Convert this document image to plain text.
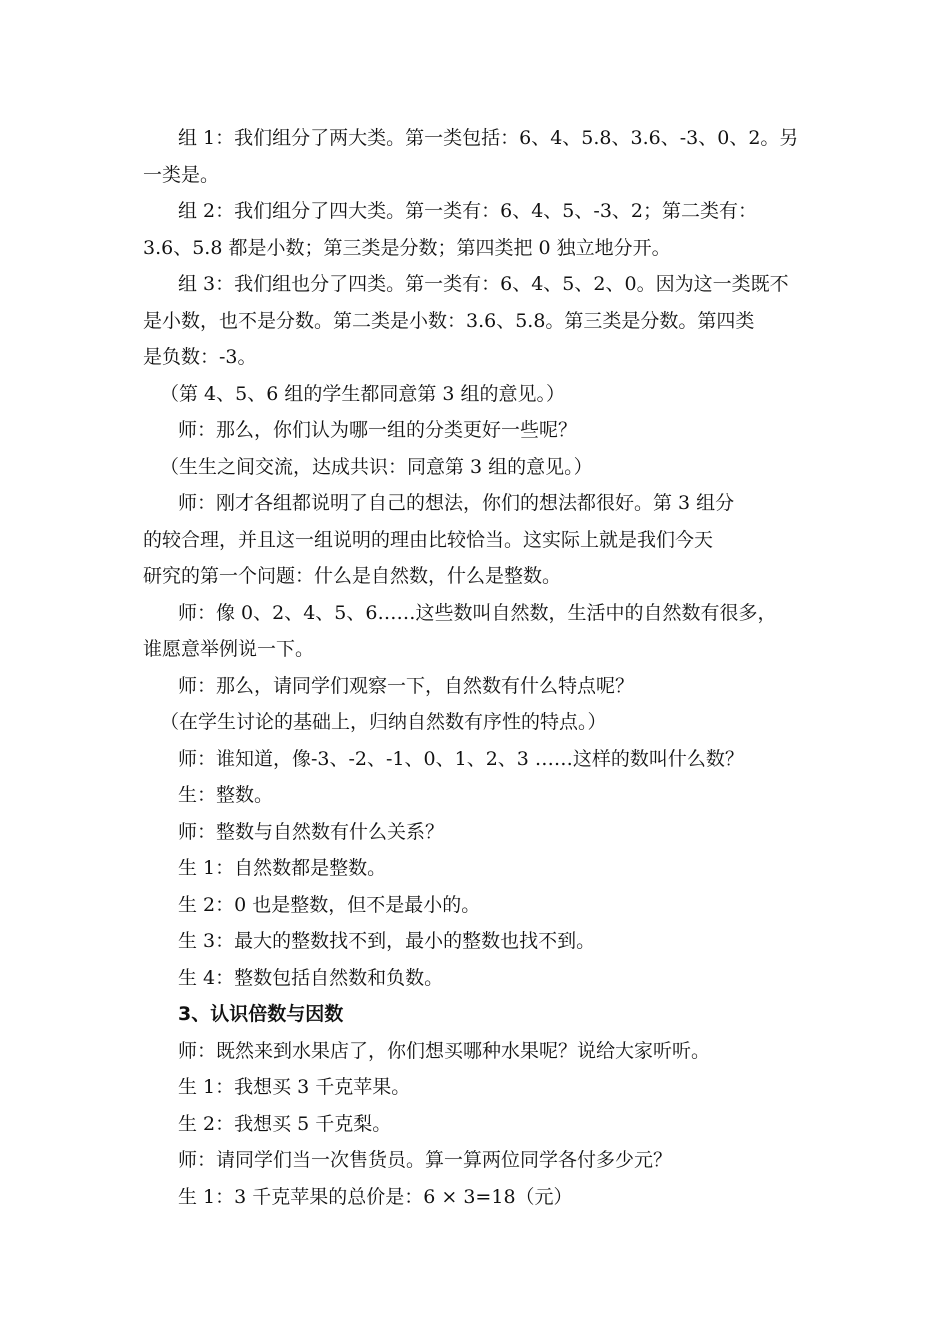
组 1：我们组分了两大类。第一类包括：6、4、5.8、3.6、-3、0、2。另
一类是。
组 2：我们组分了四大类。第一类有：6、4、5、-3、2；第二类有：
3.6、5.8 都是小数；第三类是分数；第四类把 0 独立地分开。
组 3：我们组也分了四类。第一类有：6、4、5、2、0。因为这一类既不
是小数，也不是分数。第二类是小数：3.6、5.8。第三类是分数。第四类
是负数：-3。
（第 4、5、6 组的学生都同意第 3 组的意见。）
师：那么，你们认为哪一组的分类更好一些呢？
（生生之间交流，达成共识：同意第 3 组的意见。）
师：刚才各组都说明了自己的想法，你们的想法都很好。第 3 组分
的较合理，并且这一组说明的理由比较恰当。这实际上就是我们今天
研究的第一个问题：什么是自然数，什么是整数。
师：像 0、2、4、5、6……这些数叫自然数，生活中的自然数有很多，
谁愿意举例说一下。
师：那么，请同学们观察一下，自然数有什么特点呢？
（在学生讨论的基础上，归纳自然数有序性的特点。）
师：谁知道，像-3、-2、-1、0、1、2、3 ……这样的数叫什么数？
生：整数。
师：整数与自然数有什么关系？
生 1：自然数都是整数。
生 2：0 也是整数，但不是最小的。
生 3：最大的整数找不到，最小的整数也找不到。
生 4：整数包括自然数和负数。
3、认识倍数与因数
师：既然来到水果店了，你们想买哪种水果呢？说给大家听听。
生 1：我想买 3 千克苹果。
生 2：我想买 5 千克梨。
师：请同学们当一次售货员。算一算两位同学各付多少元？
生 1：3 千克苹果的总价是：6 × 3=18（元）
